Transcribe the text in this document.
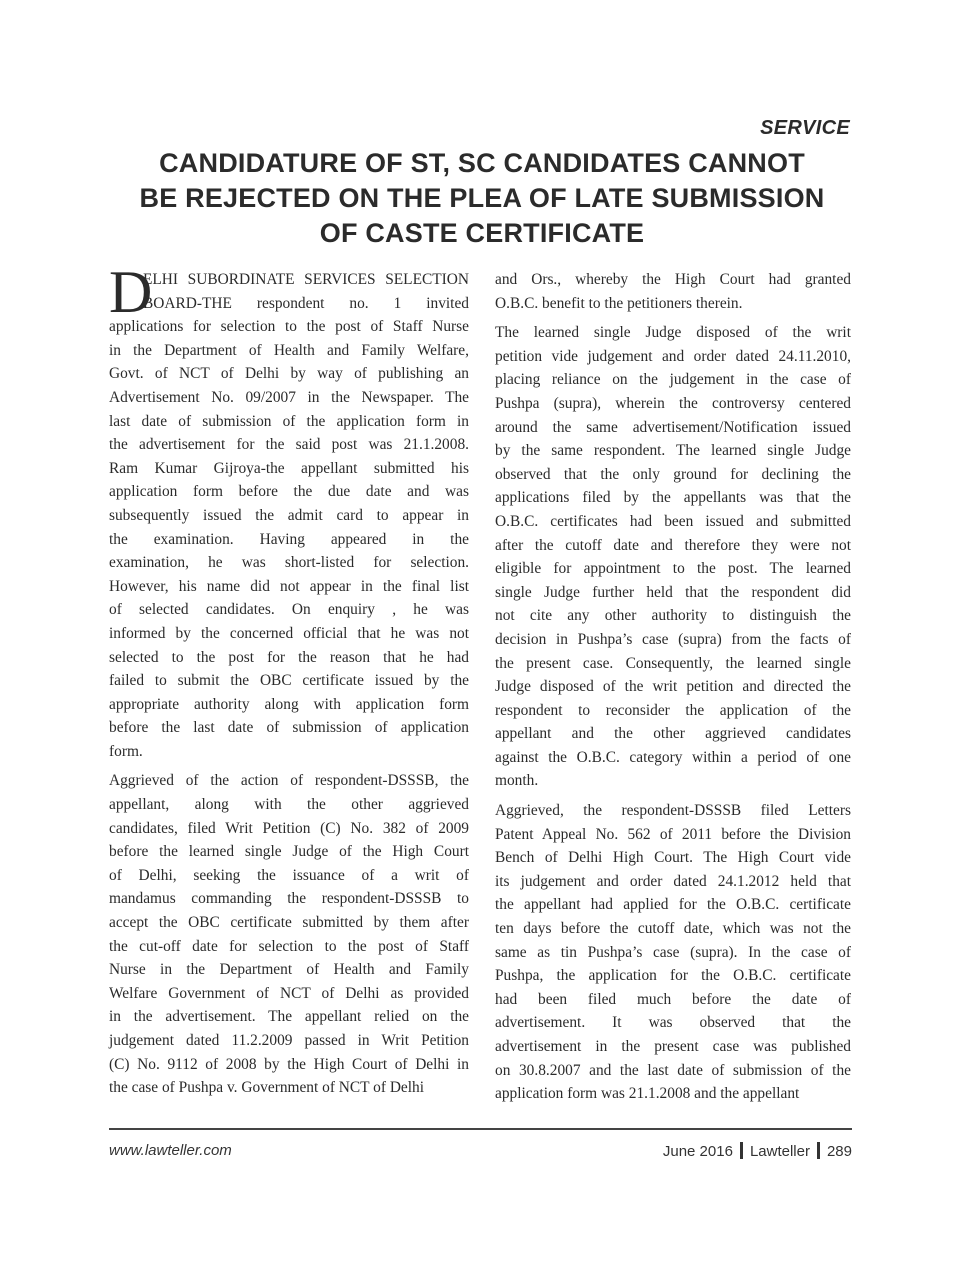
SERVICE
CANDIDATURE OF ST, SC CANDIDATES CANNOT
BE REJECTED ON THE PLEA OF LATE SUBMISSION
OF CASTE CERTIFICATE
D
ELHI SUBORDINATE SERVICES SELECTION
BOARD-THE respondent no. 1 invited
applications for selection to the post of Staff Nurse
in the Department of Health and Family Welfare,
Govt. of NCT of Delhi by way of publishing an
Advertisement No. 09/2007 in the Newspaper. The
last date of submission of the application form in
the advertisement for the said post was 21.1.2008.
Ram Kumar Gijroya-the appellant submitted his
application form before the due date and was
subsequently issued the admit card to appear in
the examination. Having appeared in the
examination, he was short-listed for selection.
However, his name did not appear in the final list
of selected candidates. On enquiry , he was
informed by the concerned official that he was not
selected to the post for the reason that he had
failed to submit the OBC certificate issued by the
appropriate authority along with application form
before the last date of submission of application
form.
Aggrieved of the action of respondent-DSSSB, the
appellant, along with the other aggrieved
candidates, filed Writ Petition (C) No. 382 of 2009
before the learned single Judge of the High Court
of Delhi, seeking the issuance of a writ of
mandamus commanding the respondent-DSSSB to
accept the OBC certificate submitted by them after
the cut-off date for selection to the post of Staff
Nurse in the Department of Health and Family
Welfare Government of NCT of Delhi as provided
in the advertisement. The appellant relied on the
judgement dated 11.2.2009 passed in Writ Petition
(C) No. 9112 of 2008 by the High Court of Delhi in
the case of Pushpa v. Government of NCT of Delhi
and Ors., whereby the High Court had granted
O.B.C. benefit to the petitioners therein.
The learned single Judge disposed of the writ
petition vide judgement and order dated 24.11.2010,
placing reliance on the judgement in the case of
Pushpa (supra), wherein the controversy centered
around the same advertisement/Notification issued
by the same respondent. The learned single Judge
observed that the only ground for declining the
applications filed by the appellants was that the
O.B.C. certificates had been issued and submitted
after the cutoff date and therefore they were not
eligible for appointment to the post. The learned
single Judge further held that the respondent did
not cite any other authority to distinguish the
decision in Pushpa’s case (supra) from the facts of
the present case. Consequently, the learned single
Judge disposed of the writ petition and directed the
respondent to reconsider the application of the
appellant and the other aggrieved candidates
against the O.B.C. category within a period of one
month.
Aggrieved, the respondent-DSSSB filed Letters
Patent Appeal No. 562 of 2011 before the Division
Bench of Delhi High Court. The High Court vide
its judgement and order dated 24.1.2012 held that
the appellant had applied for the O.B.C. certificate
ten days before the cutoff date, which was not the
same as tin Pushpa’s case (supra). In the case of
Pushpa, the application for the O.B.C. certificate
had been filed much before the date of
advertisement. It was observed that the
advertisement in the present case was published
on 30.8.2007 and the last date of submission of the
application form was 21.1.2008 and the appellant
www.lawteller.com	June 2016 Lawteller 289
